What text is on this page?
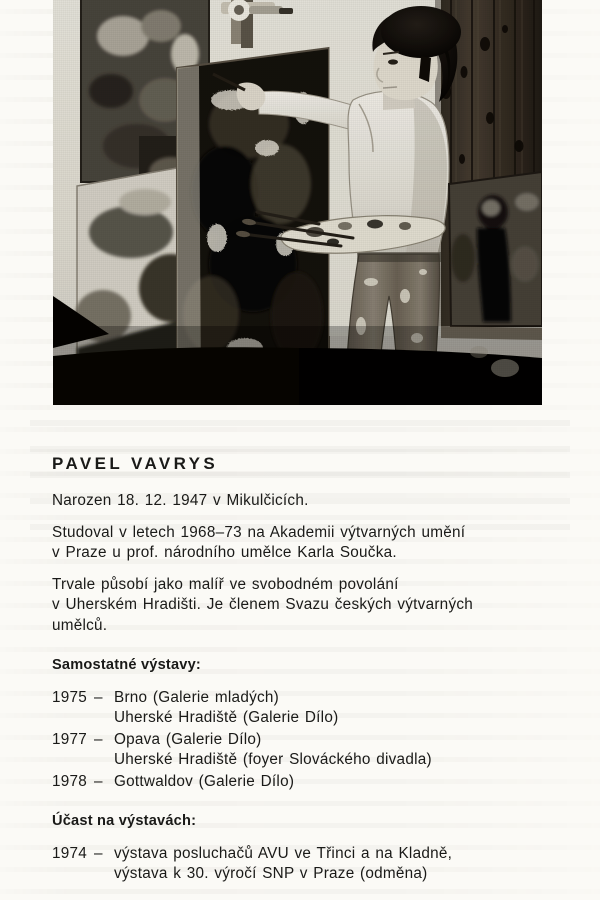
PAVEL VAVRYS

Narozen 18. 12. 1947 v Mikulčicích.

Studoval v letech 1968–73 na Akademii výtvarných umění
v Praze u prof. národního umělce Karla Součka.

Trvale působí jako malíř ve svobodném povolání
v Uherském Hradišti. Je členem Svazu českých výtvarných
umělců.

Samostatné výstavy:
1975 – Brno (Galerie mladých)
Uherské Hradiště (Galerie Dílo)
1977 – Opava (Galerie Dílo)
Uherské Hradiště (foyer Slováckého divadla)
1978 – Gottwaldov (Galerie Dílo)
Účast na výstavách:
1974 – výstava posluchačů AVU ve Třinci a na Kladně,
výstava k 30. výročí SNP v Praze (odměna)
